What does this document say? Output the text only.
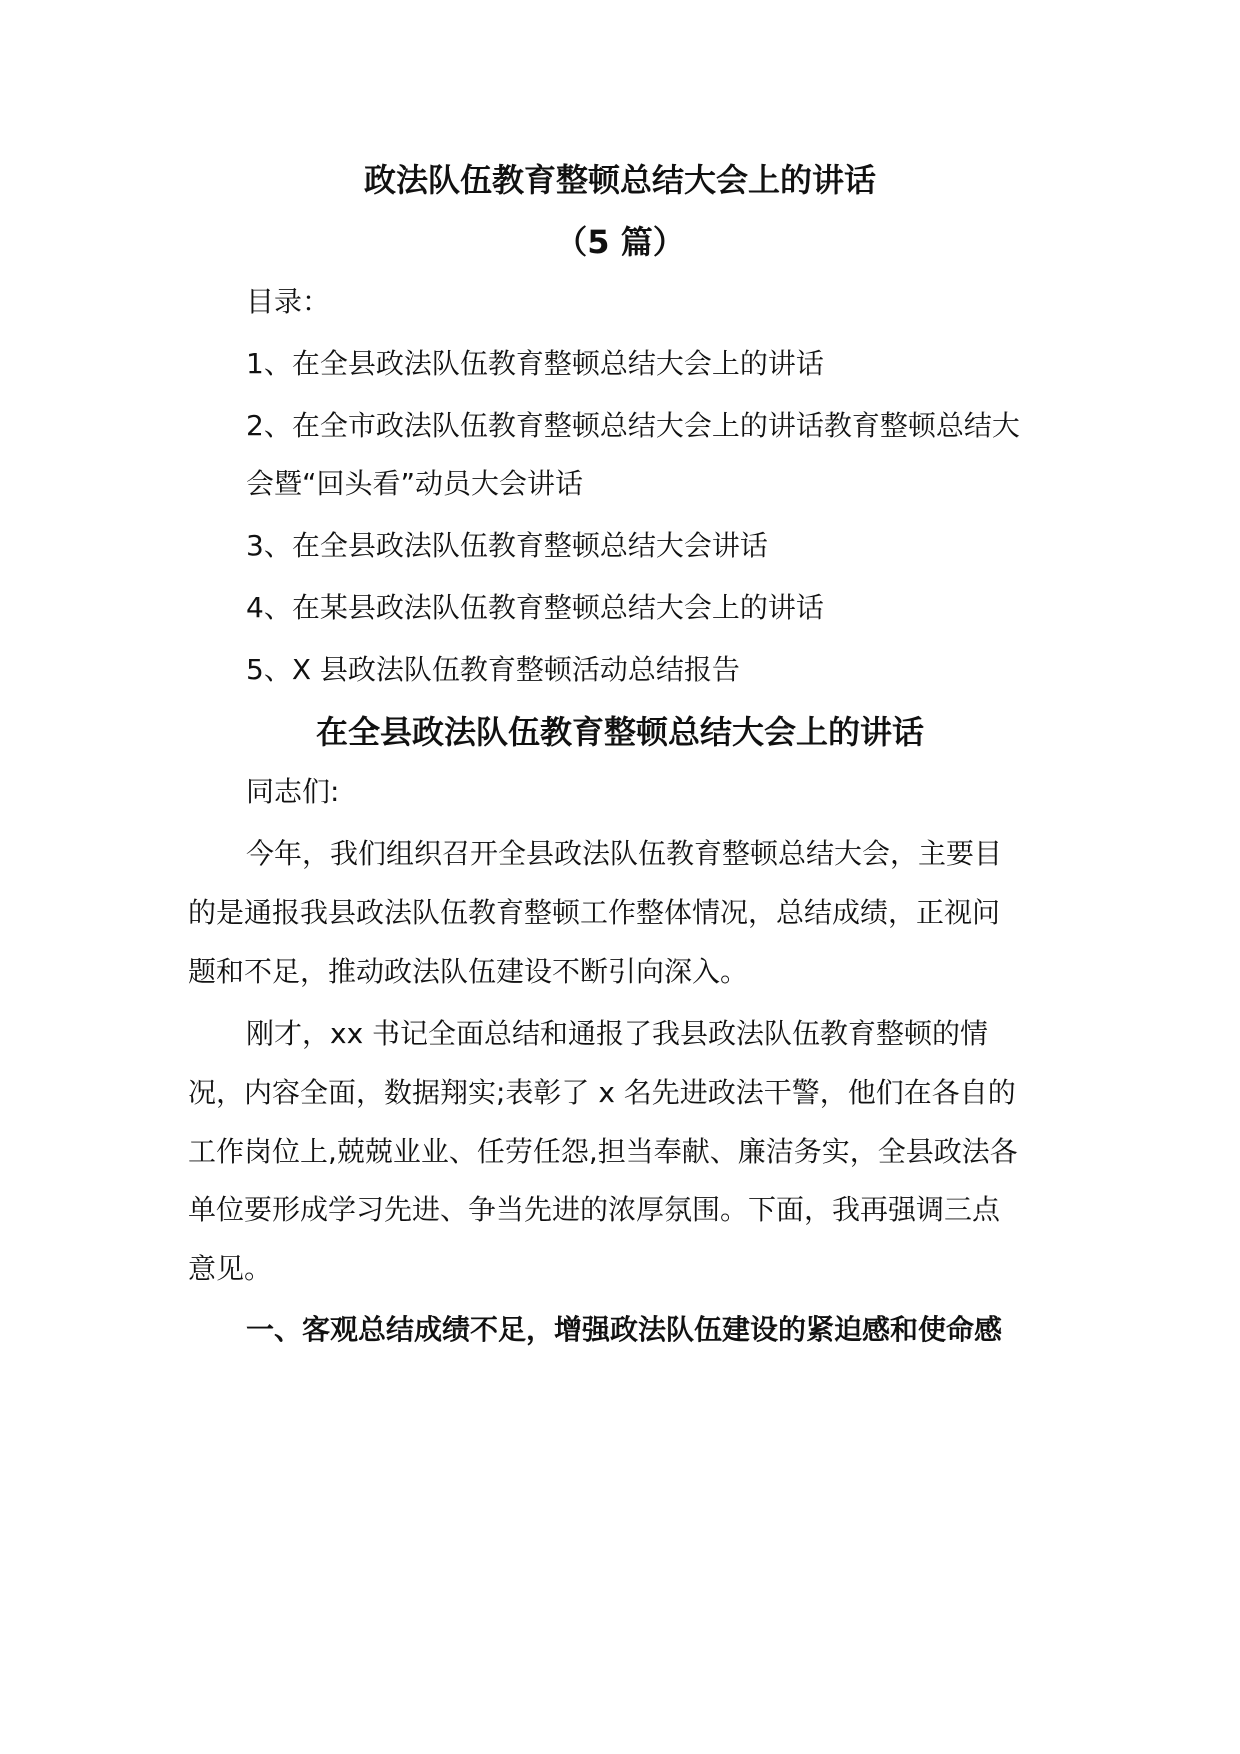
政法队伍教育整顿总结大会上的讲话
（5 篇）
目录：
1、在全县政法队伍教育整顿总结大会上的讲话
2、在全市政法队伍教育整顿总结大会上的讲话教育整顿总结大
会暨“回头看”动员大会讲话
3、在全县政法队伍教育整顿总结大会讲话
4、在某县政法队伍教育整顿总结大会上的讲话
5、X 县政法队伍教育整顿活动总结报告
在全县政法队伍教育整顿总结大会上的讲话
同志们:
今年，我们组织召开全县政法队伍教育整顿总结大会，主要目
的是通报我县政法队伍教育整顿工作整体情况，总结成绩，正视问
题和不足，推动政法队伍建设不断引向深入。
刚才，xx 书记全面总结和通报了我县政法队伍教育整顿的情
况，内容全面，数据翔实;表彰了 x 名先进政法干警，他们在各自的
工作岗位上,兢兢业业、任劳任怨,担当奉献、廉洁务实，全县政法各
单位要形成学习先进、争当先进的浓厚氛围。下面，我再强调三点
意见。
一、客观总结成绩不足，增强政法队伍建设的紧迫感和使命感
